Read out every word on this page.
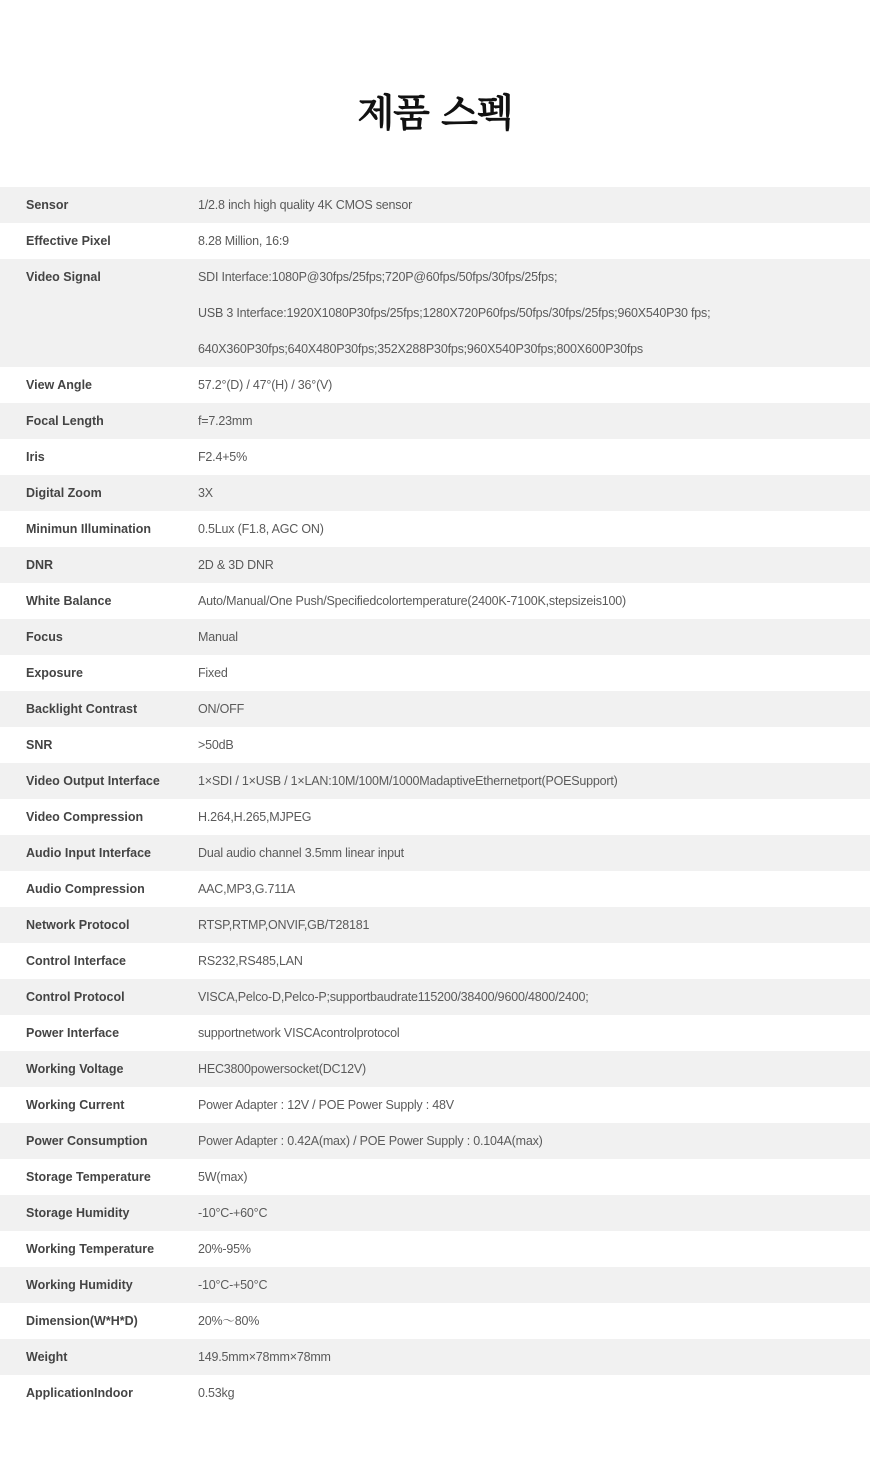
제품 스펙
Sensor	1/2.8 inch high quality 4K CMOS sensor
Effective Pixel	8.28 Million, 16:9
Video Signal	SDI Interface:1080P@30fps/25fps;720P@60fps/50fps/30fps/25fps;
USB 3 Interface:1920X1080P30fps/25fps;1280X720P60fps/50fps/30fps/25fps;960X540P30 fps;
640X360P30fps;640X480P30fps;352X288P30fps;960X540P30fps;800X600P30fps
View Angle	57.2°(D) / 47°(H) / 36°(V)
Focal Length	f=7.23mm
Iris	F2.4+5%
Digital Zoom	3X
Minimun Illumination	0.5Lux (F1.8, AGC ON)
DNR	2D & 3D DNR
White Balance	Auto/Manual/One Push/Specifiedcolortemperature(2400K-7100K,stepsizeis100)
Focus	Manual
Exposure	Fixed
Backlight Contrast	ON/OFF
SNR	>50dB
Video Output Interface	1×SDI / 1×USB / 1×LAN:10M/100M/1000MadaptiveEthernetport(POESupport)
Video Compression	H.264,H.265,MJPEG
Audio Input Interface	Dual audio channel 3.5mm linear input
Audio Compression	AAC,MP3,G.711A
Network Protocol	RTSP,RTMP,ONVIF,GB/T28181
Control Interface	RS232,RS485,LAN
Control Protocol	VISCA,Pelco-D,Pelco-P;supportbaudrate115200/38400/9600/4800/2400;
Power Interface	supportnetwork VISCAcontrolprotocol
Working Voltage	HEC3800powersocket(DC12V)
Working Current	Power Adapter : 12V / POE Power Supply : 48V
Power Consumption	Power Adapter : 0.42A(max) / POE Power Supply : 0.104A(max)
Storage Temperature	5W(max)
Storage Humidity	-10°C-+60°C
Working Temperature	20%-95%
Working Humidity	-10°C-+50°C
Dimension(W*H*D)	20%～80%
Weight	149.5mm×78mm×78mm
ApplicationIndoor	0.53kg
